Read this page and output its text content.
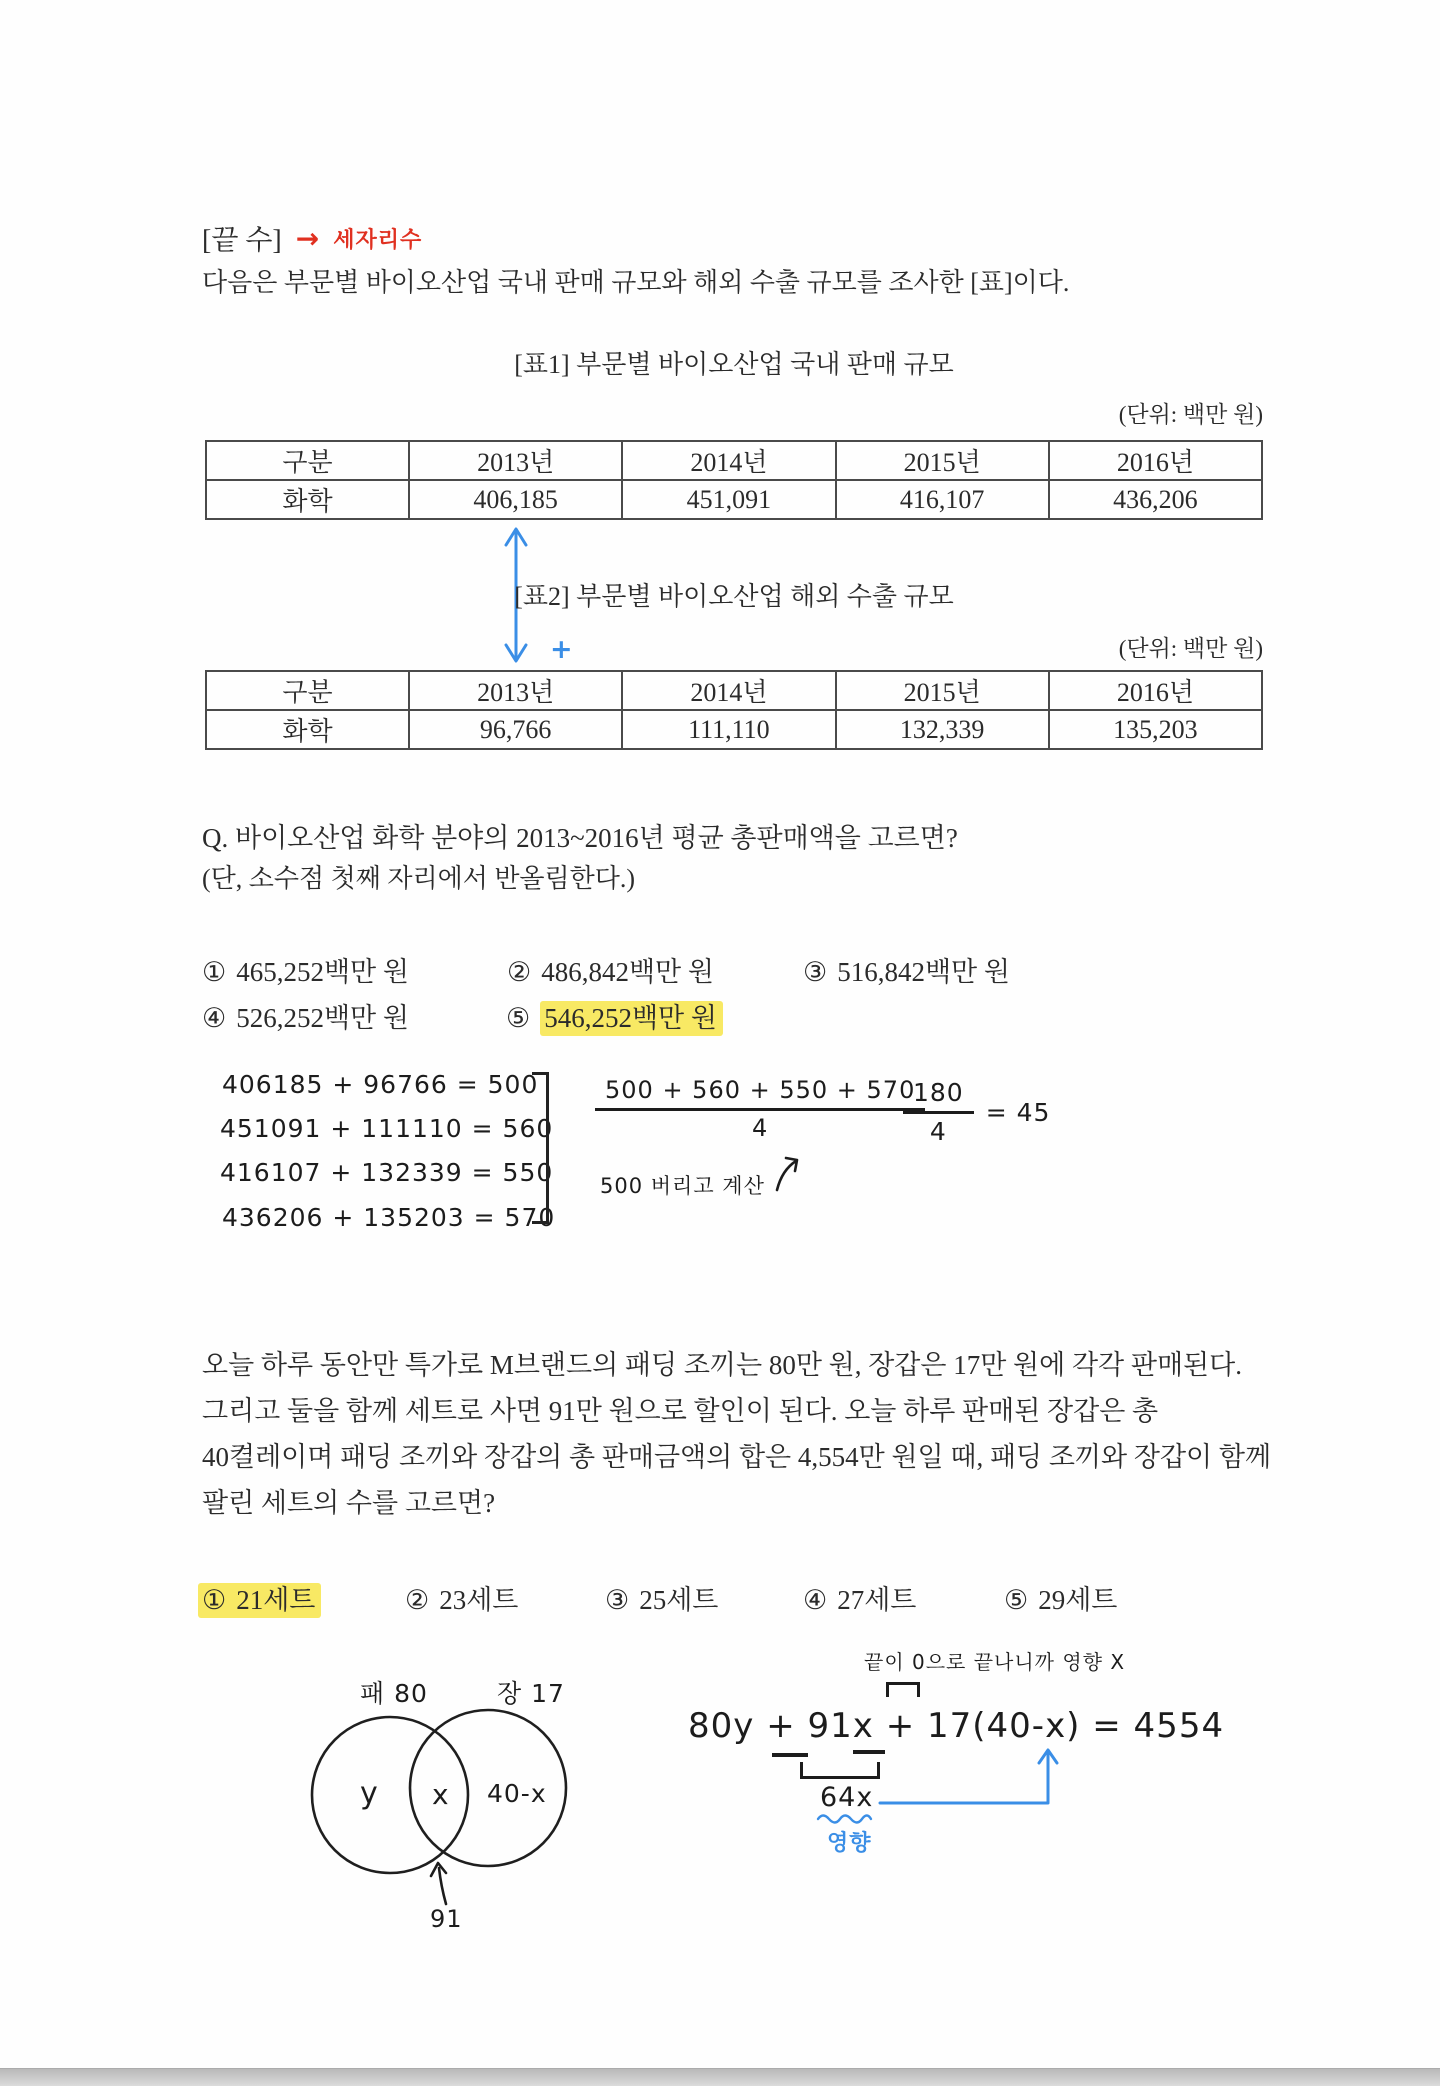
[끝 수] → 세자리수
다음은 부문별 바이오산업 국내 판매 규모와 해외 수출 규모를 조사한 [표]이다.
[표1] 부문별 바이오산업 국내 판매 규모
(단위: 백만 원)
구분	2013년	2014년	2015년	2016년
화학	406,185	451,091	416,107	436,206
+
[표2] 부문별 바이오산업 해외 수출 규모
(단위: 백만 원)
구분	2013년	2014년	2015년	2016년
화학	96,766	111,110	132,339	135,203
Q. 바이오산업 화학 분야의 2013~2016년 평균 총판매액을 고르면?
(단, 소수점 첫째 자리에서 반올림한다.)
① 465,252백만 원	② 486,842백만 원	③ 516,842백만 원
④ 526,252백만 원	⑤ 546,252백만 원
406185 + 96766 = 500
451091 + 111110 = 560
416107 + 132339 = 550
436206 + 135203 = 570
$\frac{500 + 560 + 550 + 570}{4}$
500 버리고 계산
$\frac{180}{4} = 45$
오늘 하루 동안만 특가로 M브랜드의 패딩 조끼는 80만 원, 장갑은 17만 원에 각각 판매된다.
그리고 둘을 함께 세트로 사면 91만 원으로 할인이 된다. 오늘 하루 판매된 장갑은 총
40켤레이며 패딩 조끼와 장갑의 총 판매금액의 합은 4,554만 원일 때, 패딩 조끼와 장갑이 함께
팔린 세트의 수를 고르면?
① 21세트	② 23세트	③ 25세트	④ 27세트	⑤ 29세트
패 80	장 17
y x 40-x
91
끝이 0으로 끝나니까 영향 X
80y + 91x + 17(40-x) = 4554
64x
영향
